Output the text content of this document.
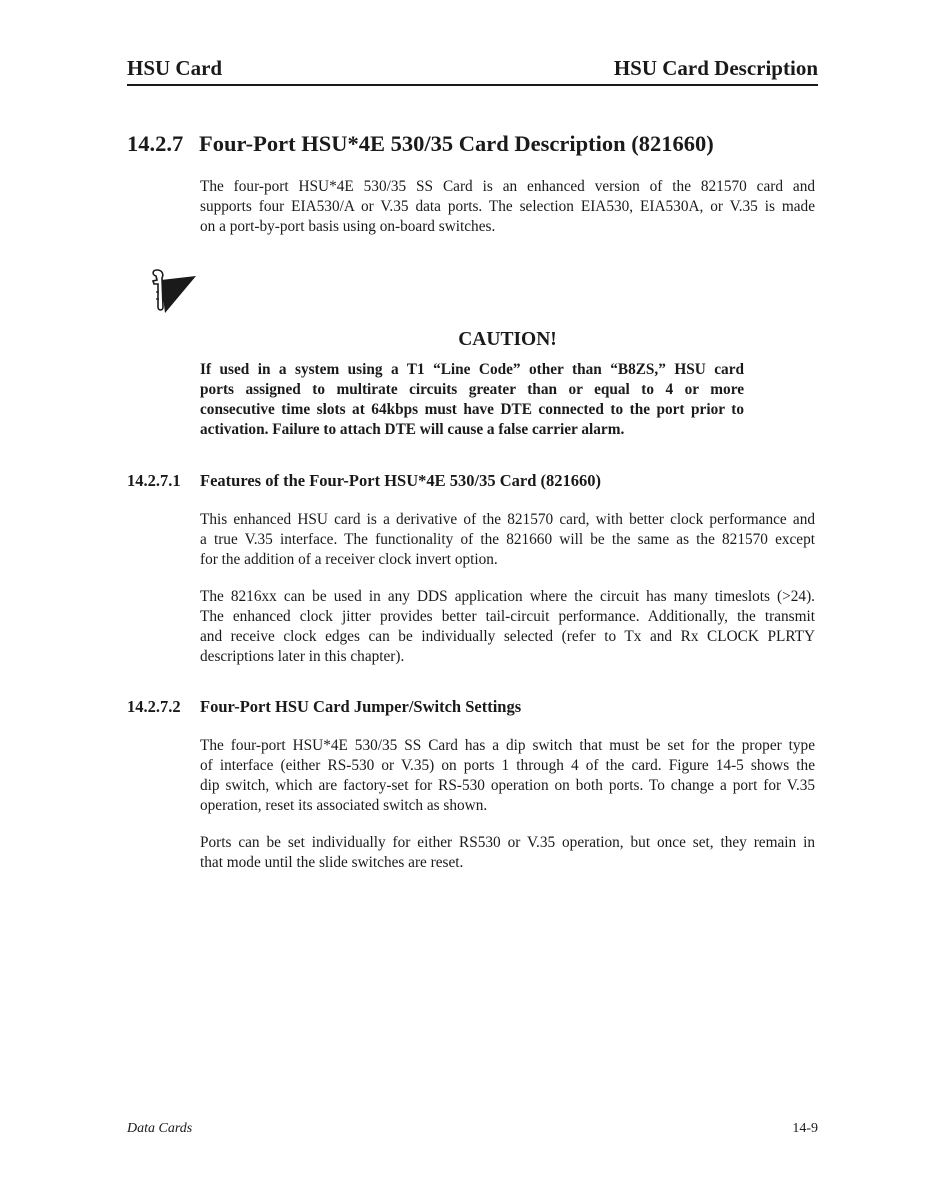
HSU Card	HSU Card Description
14.2.7 Four-Port HSU*4E 530/35 Card Description (821660)
The four-port HSU*4E 530/35 SS Card is an enhanced version of the 821570 card and
supports four EIA530/A or V.35 data ports. The selection EIA530, EIA530A, or V.35 is made
on a port-by-port basis using on-board switches.
CAUTION!
If used in a system using a T1 “Line Code” other than “B8ZS,” HSU card
ports assigned to multirate circuits greater than or equal to 4 or more
consecutive time slots at 64kbps must have DTE connected to the port prior to
activation. Failure to attach DTE will cause a false carrier alarm.
14.2.7.1 Features of the Four-Port HSU*4E 530/35 Card (821660)
This enhanced HSU card is a derivative of the 821570 card, with better clock performance and
a true V.35 interface. The functionality of the 821660 will be the same as the 821570 except
for the addition of a receiver clock invert option.
The 8216xx can be used in any DDS application where the circuit has many timeslots (>24).
The enhanced clock jitter provides better tail-circuit performance. Additionally, the transmit
and receive clock edges can be individually selected (refer to Tx and Rx CLOCK PLRTY
descriptions later in this chapter).
14.2.7.2 Four-Port HSU Card Jumper/Switch Settings
The four-port HSU*4E 530/35 SS Card has a dip switch that must be set for the proper type
of interface (either RS-530 or V.35) on ports 1 through 4 of the card. Figure 14-5 shows the
dip switch, which are factory-set for RS-530 operation on both ports. To change a port for V.35
operation, reset its associated switch as shown.
Ports can be set individually for either RS530 or V.35 operation, but once set, they remain in
that mode until the slide switches are reset.
Data Cards	14-9
